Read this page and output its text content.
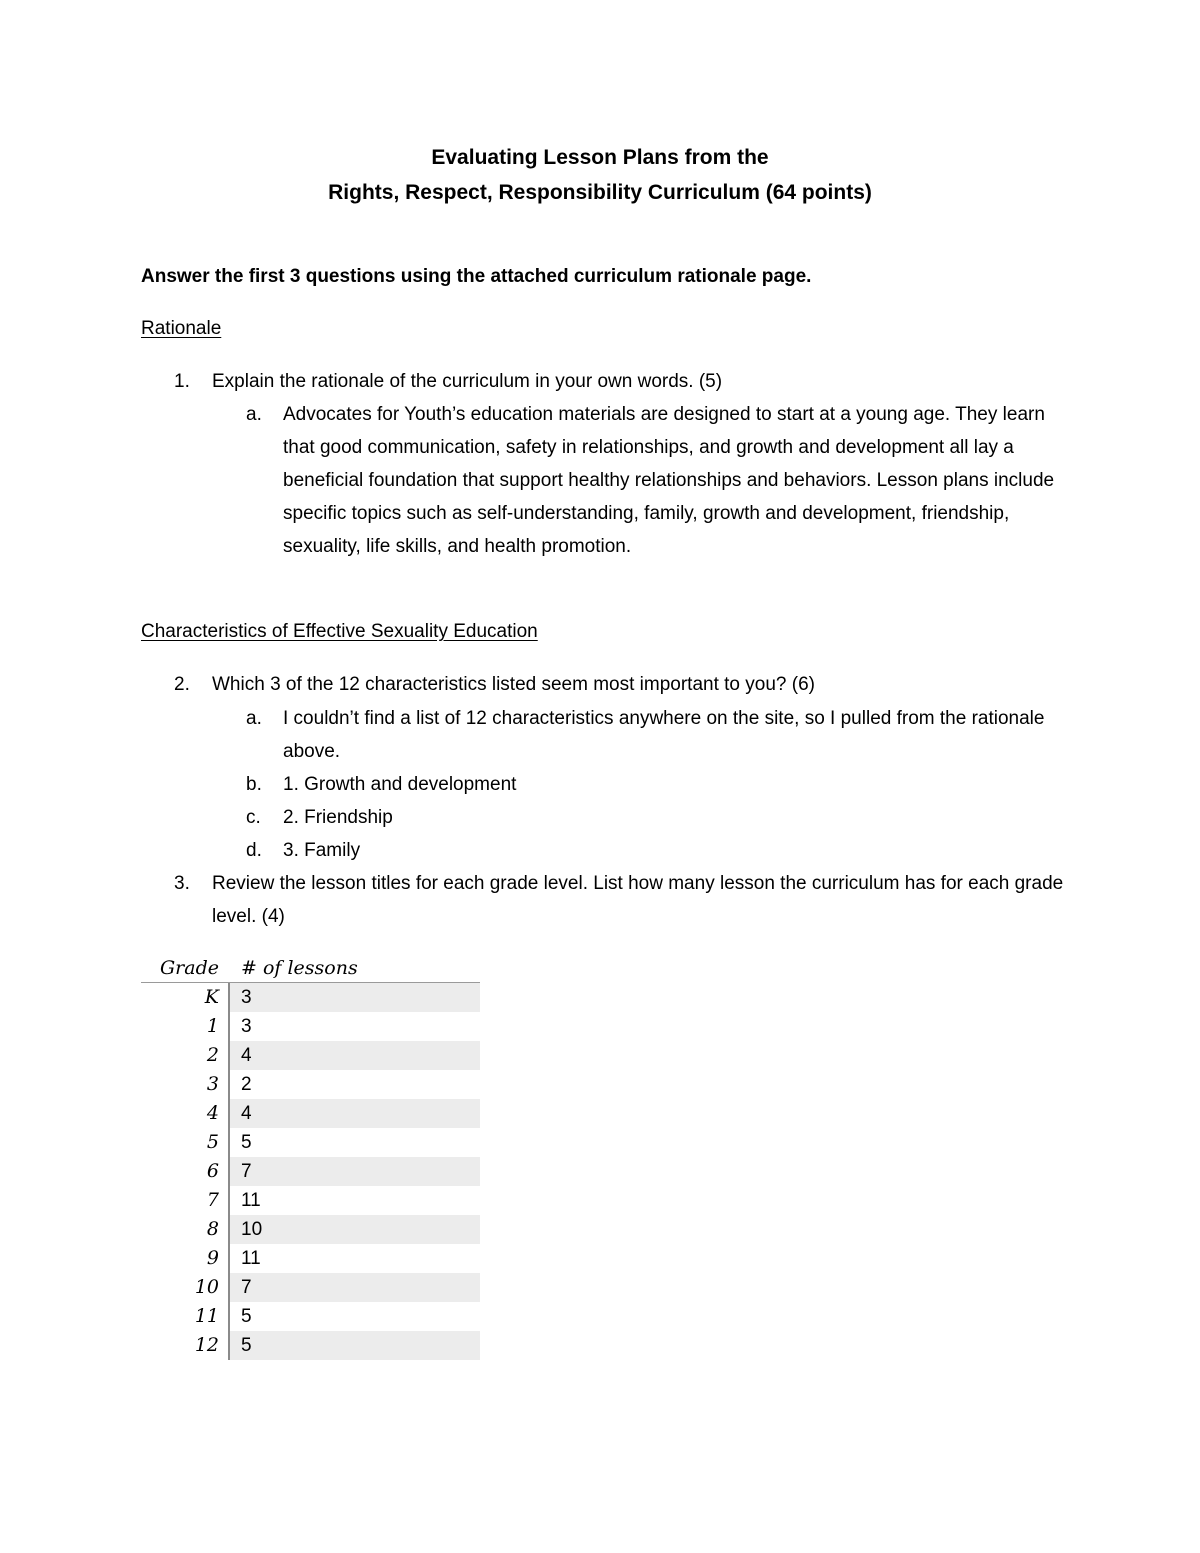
Evaluating Lesson Plans from the
Rights, Respect, Responsibility Curriculum (64 points)
Answer the first 3 questions using the attached curriculum rationale page.
Rationale
1. Explain the rationale of the curriculum in your own words. (5)
a. Advocates for Youth’s education materials are designed to start at a young age. They learn that good communication, safety in relationships, and growth and development all lay a beneficial foundation that support healthy relationships and behaviors. Lesson plans include specific topics such as self-understanding, family, growth and development, friendship, sexuality, life skills, and health promotion.
Characteristics of Effective Sexuality Education
2. Which 3 of the 12 characteristics listed seem most important to you? (6)
a. I couldn’t find a list of 12 characteristics anywhere on the site, so I pulled from the rationale above.
b. 1. Growth and development
c. 2. Friendship
d. 3. Family
3. Review the lesson titles for each grade level. List how many lesson the curriculum has for each grade level. (4)
Grade # of lessons
K	3
1	3
2	4
3	2
4	4
5	5
6	7
7	11
8	10
9	11
10	7
11	5
12	5
